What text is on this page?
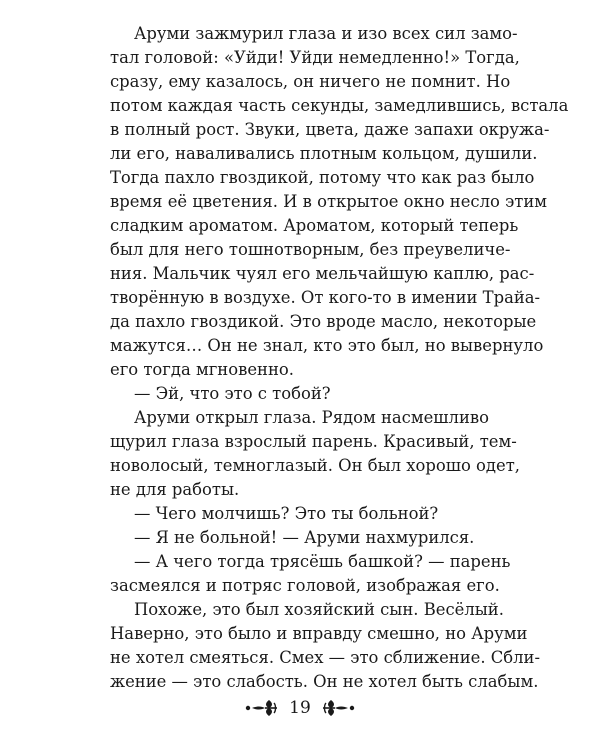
Аруми зажмурил глаза и изо всех сил замо-
тал головой: «Уйди! Уйди немедленно!» Тогда,
сразу, ему казалось, он ничего не помнит. Но
потом каждая часть секунды, замедлившись, встала
в полный рост. Звуки, цвета, даже запахи окружа-
ли его, наваливались плотным кольцом, душили.
Тогда пахло гвоздикой, потому что как раз было
время её цветения. И в открытое окно несло этим
сладким ароматом. Ароматом, который теперь
был для него тошнотворным, без преувеличе-
ния. Мальчик чуял его мельчайшую каплю, рас-
творённую в воздухе. От кого-то в имении Трайа-
да пахло гвоздикой. Это вроде масло, некоторые
мажутся… Он не знал, кто это был, но вывернуло
его тогда мгновенно.
— Эй, что это с тобой?
Аруми открыл глаза. Рядом насмешливо
щурил глаза взрослый парень. Красивый, тем-
новолосый, темноглазый. Он был хорошо одет,
не для работы.
— Чего молчишь? Это ты больной?
— Я не больной! — Аруми нахмурился.
— А чего тогда трясёшь башкой? — парень
засмеялся и потряс головой, изображая его.
Похоже, это был хозяйский сын. Весёлый.
Наверно, это было и вправду смешно, но Аруми
не хотел смеяться. Смех — это сближение. Сбли-
жение — это слабость. Он не хотел быть слабым.
19
